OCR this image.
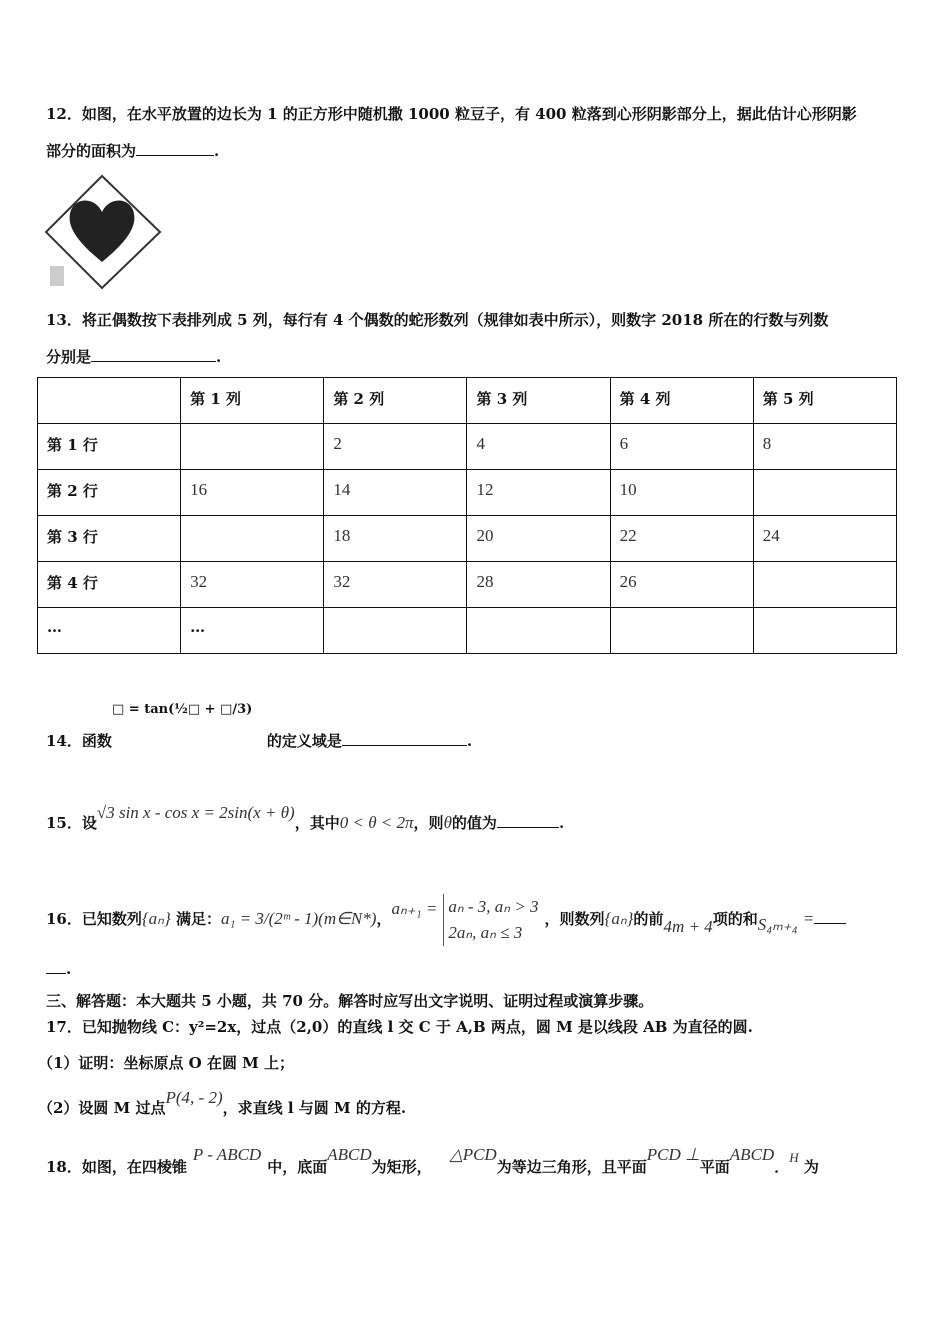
12．如图，在水平放置的边长为 1 的正方形中随机撒 1000 粒豆子，有 400 粒落到心形阴影部分上，据此估计心形阴影
部分的面积为	.
13．将正偶数按下表排列成 5 列，每行有 4 个偶数的蛇形数列（规律如表中所示），则数字 2018 所在的行数与列数
分别是	.
	第 1 列	第 2 列	第 3 列	第 4 列	第 5 列
第 1 行		2	4	6	8
第 2 行	16	14	12	10	
第 3 行		18	20	22	24
第 4 行	32	32	28	26	
…	…				
□ = tan(½□ + □/3)
14．函数	的定义域是	.
15．设√3 sin x - cos x = 2sin(x + θ)，其中0 < θ < 2π，则θ的值为	.
16．已知数列{aₙ} 满足：a₁ = 3/(2ᵐ - 1)(m∈N*)，aₙ₊₁ = aₙ - 3, aₙ > 3
2aₙ, aₙ ≤ 3
，则数列{aₙ}的前4m + 4项的和S₄ₘ₊₄ =
.
三、解答题：本大题共 5 小题，共 70 分。解答时应写出文字说明、证明过程或演算步骤。
17．已知抛物线 C：y²=2x，过点（2,0）的直线 l 交 C 于 A,B 两点，圆 M 是以线段 AB 为直径的圆.
（1）证明：坐标原点 O 在圆 M 上；
（2）设圆 M 过点P(4, - 2)，求直线 l 与圆 M 的方程.
18．如图，在四棱锥P - ABCD中，底面ABCD为矩形，△PCD为等边三角形，且平面PCD ⊥平面ABCD．H 为
